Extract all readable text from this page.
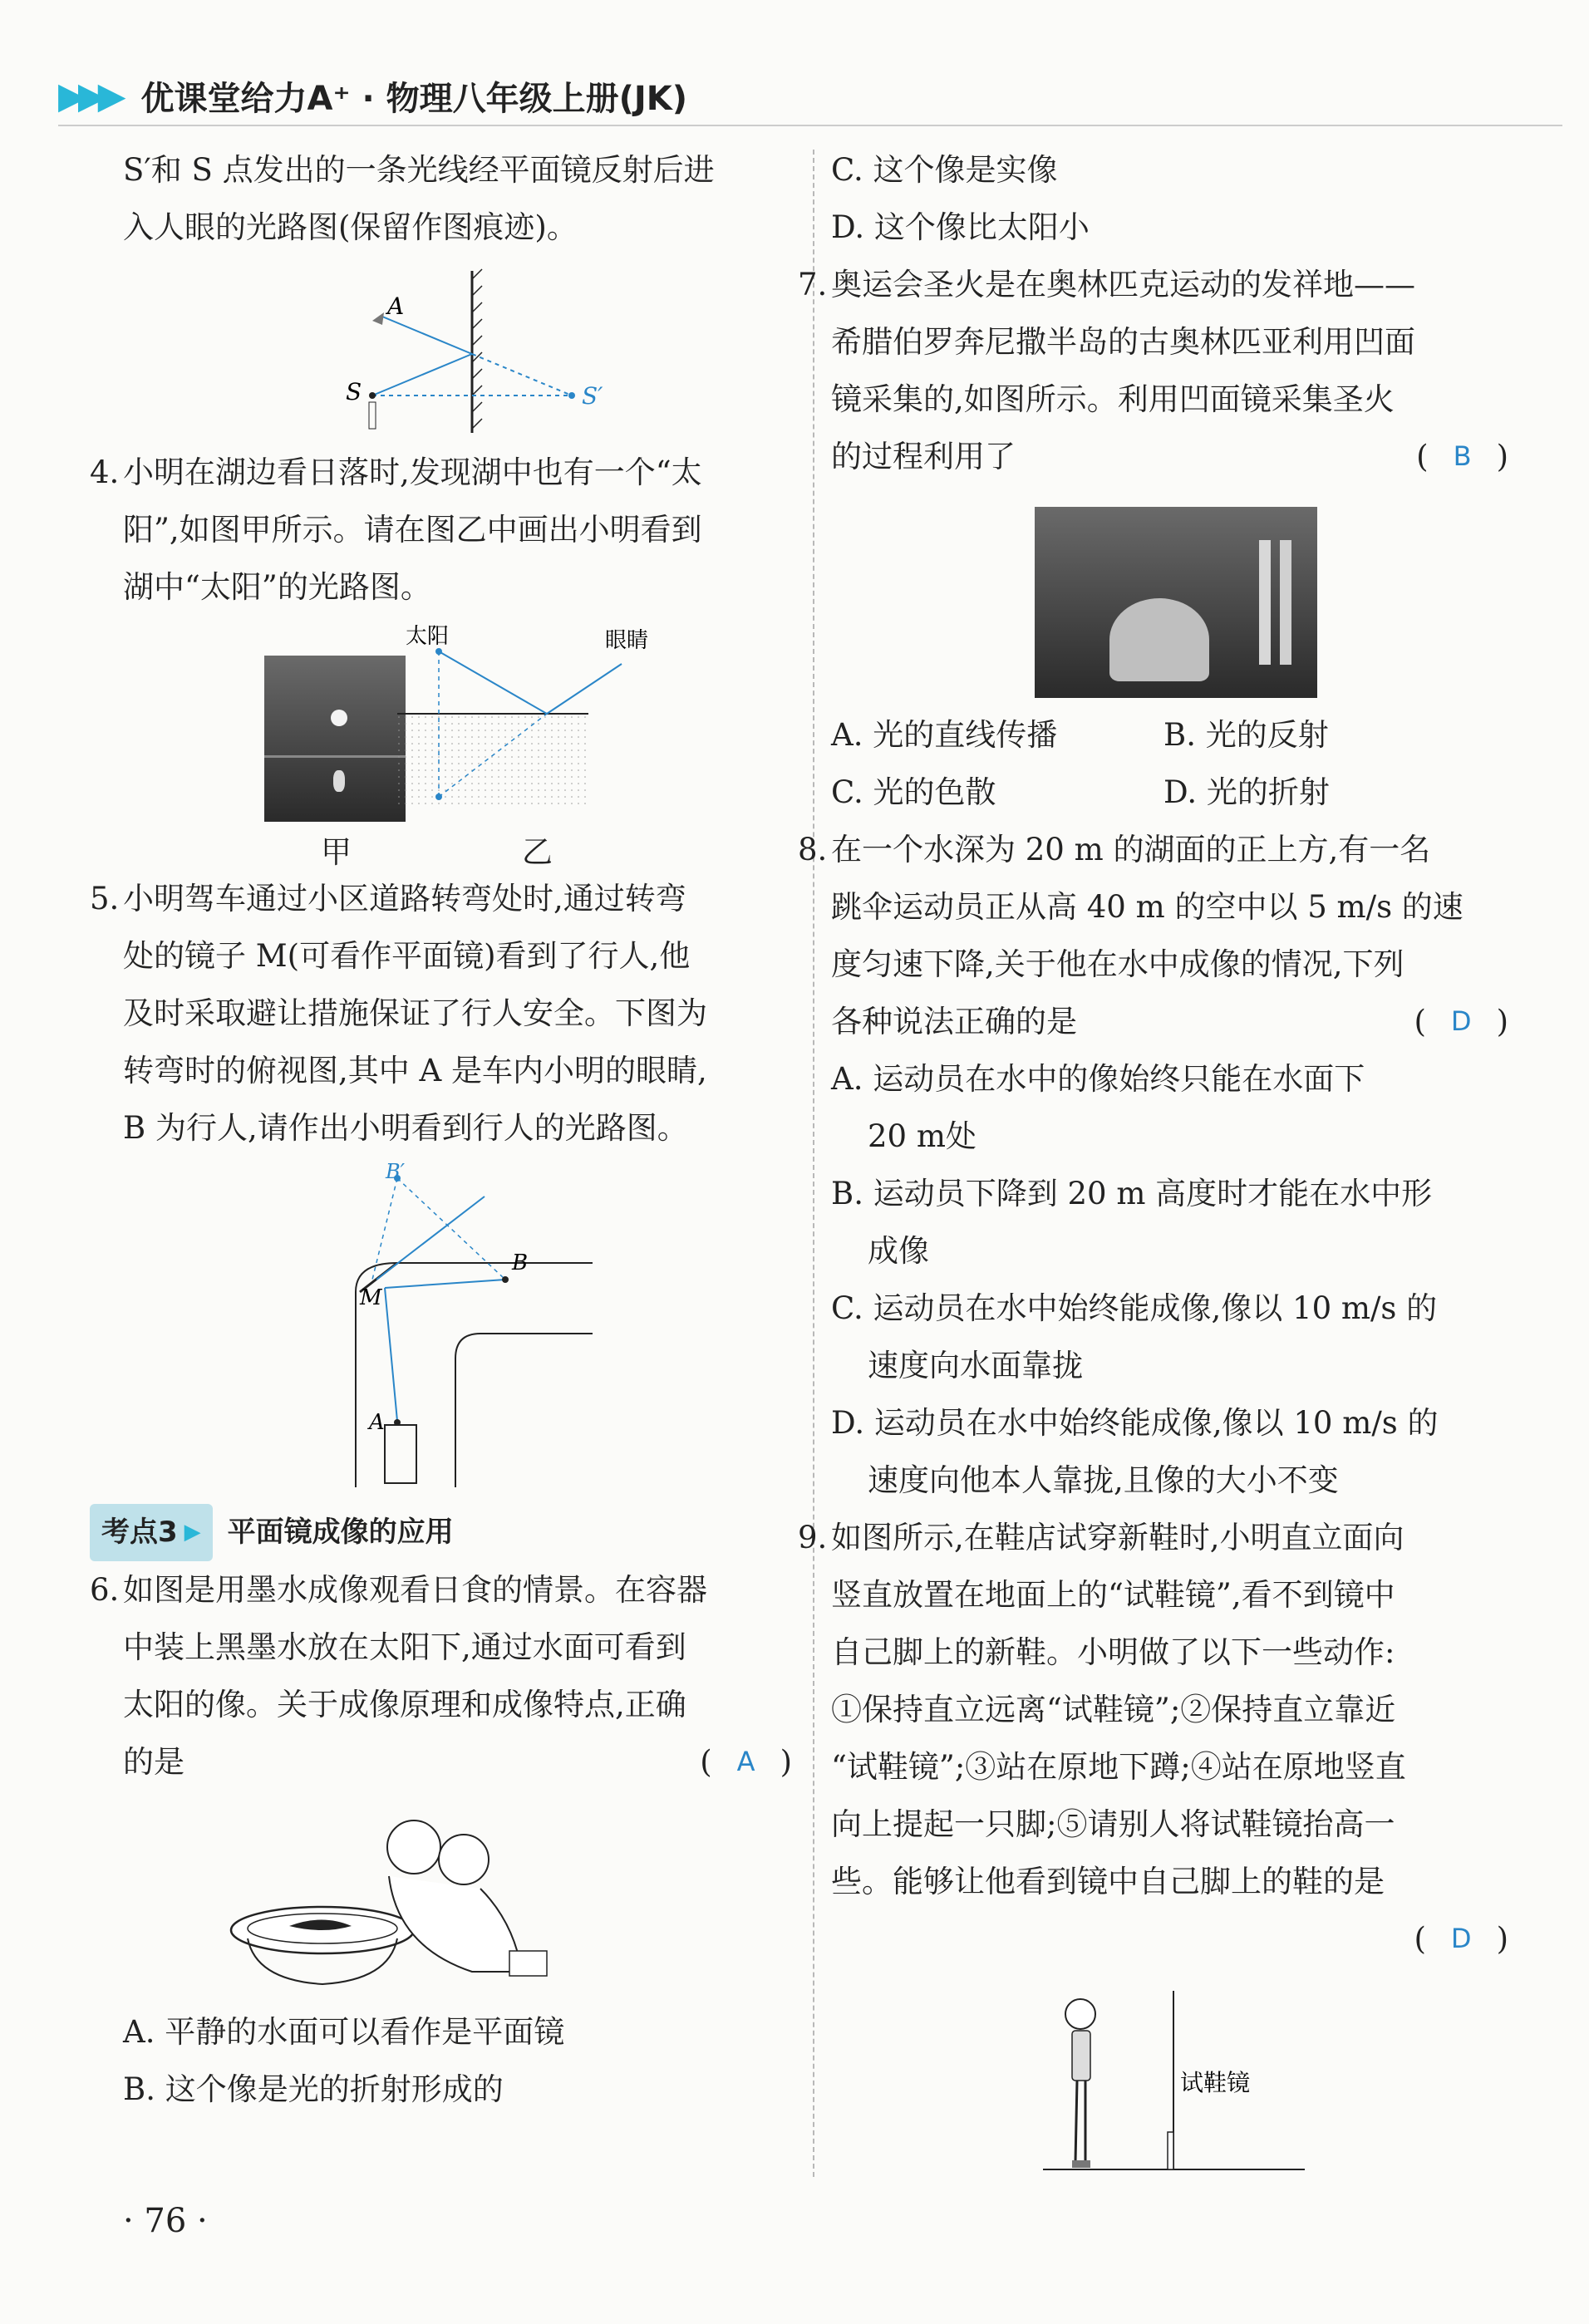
▶▶▶ 优课堂给力A⁺ · 物理八年级上册(JK)

S′和 S 点发出的一条光线经平面镜反射后进

入人眼的光路图(保留作图痕迹)。

A
S	S′

4. 小明在湖边看日落时,发现湖中也有一个“太

阳”,如图甲所示。请在图乙中画出小明看到

湖中“太阳”的光路图。

甲
太阳	眼睛
乙

5. 小明驾车通过小区道路转弯处时,通过转弯

处的镜子 M(可看作平面镜)看到了行人,他

及时采取避让措施保证了行人安全。下图为

转弯时的俯视图,其中 A 是车内小明的眼睛,

B 为行人,请作出小明看到行人的光路图。

B′
B
M
A

考点3 ▶ 平面镜成像的应用

6. 如图是用墨水成像观看日食的情景。在容器

中装上黑墨水放在太阳下,通过水面可看到

太阳的像。关于成像原理和成像特点,正确

的是	( A )

A. 平静的水面可以看作是平面镜

B. 这个像是光的折射形成的

C. 这个像是实像

D. 这个像比太阳小

7. 奥运会圣火是在奥林匹克运动的发祥地——

希腊伯罗奔尼撒半岛的古奥林匹亚利用凹面

镜采集的,如图所示。利用凹面镜采集圣火

的过程利用了	( B )

A. 光的直线传播	B. 光的反射

C. 光的色散	D. 光的折射

8. 在一个水深为 20 m 的湖面的正上方,有一名

跳伞运动员正从高 40 m 的空中以 5 m/s 的速

度匀速下降,关于他在水中成像的情况,下列

各种说法正确的是	( D )

A. 运动员在水中的像始终只能在水面下

20 m处

B. 运动员下降到 20 m 高度时才能在水中形

成像

C. 运动员在水中始终能成像,像以 10 m/s 的

速度向水面靠拢

D. 运动员在水中始终能成像,像以 10 m/s 的

速度向他本人靠拢,且像的大小不变

9. 如图所示,在鞋店试穿新鞋时,小明直立面向

竖直放置在地面上的“试鞋镜”,看不到镜中

自己脚上的新鞋。小明做了以下一些动作:

①保持直立远离“试鞋镜”;②保持直立靠近

“试鞋镜”;③站在原地下蹲;④站在原地竖直

向上提起一只脚;⑤请别人将试鞋镜抬高一

些。能够让他看到镜中自己脚上的鞋的是

( D )

试鞋镜
· 76 ·
